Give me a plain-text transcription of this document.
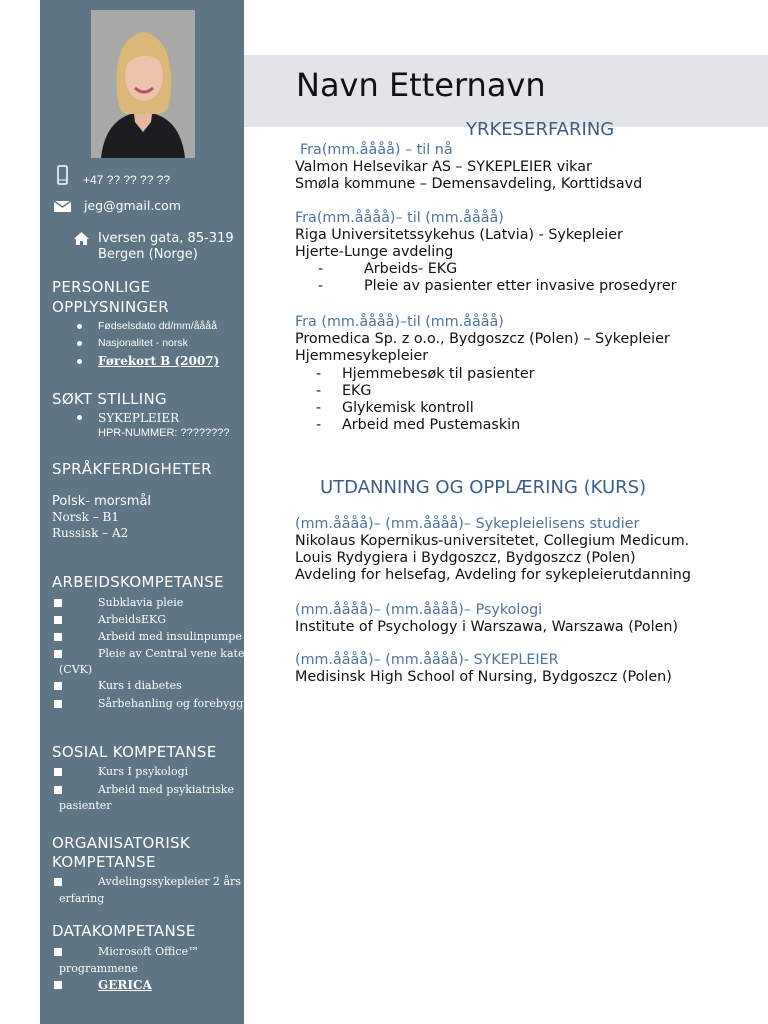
Navn Etternavn
+47 ?? ?? ?? ??
jeg@gmail.com
Iversen gata, 85-319
Bergen (Norge)
PERSONLIGE
OPPLYSNINGER
Fødselsdato dd/mm/åååå
Nasjonalitet - norsk
Førekort B (2007)
SØKT STILLING
SYKEPLEIER
HPR-NUMMER: ????????
SPRÅKFERDIGHETER
Polsk- morsmål
Norsk – B1
Russisk – A2
ARBEIDSKOMPETANSE
Subklavia pleie
ArbeidsEKG
Arbeid med insulinpumpe
Pleie av Central vene kateter
(CVK)
Kurs i diabetes
Sårbehanling og forebygging
SOSIAL KOMPETANSE
Kurs I psykologi
Arbeid med psykiatriske
pasienter
ORGANISATORISK
KOMPETANSE
Avdelingssykepleier 2 års
erfaring
DATAKOMPETANSE
Microsoft Office™
programmene
GERICA
YRKESERFARING
Fra(mm.åååå) – til nå
Valmon Helsevikar AS – SYKEPLEIER vikar
Smøla kommune – Demensavdeling, Korttidsavd
Fra(mm.åååå)– til (mm.åååå)
Riga Universitetssykehus (Latvia) - Sykepleier
Hjerte-Lunge avdeling
-	Arbeids- EKG
-	Pleie av pasienter etter invasive prosedyrer
Fra (mm.åååå)–til (mm.åååå)
Promedica Sp. z o.o., Bydgoszcz (Polen) – Sykepleier
Hjemmesykepleier
- Hjemmebesøk til pasienter
- EKG
- Glykemisk kontroll
- Arbeid med Pustemaskin
UTDANNING OG OPPLÆRING (KURS)
(mm.åååå)– (mm.åååå)– Sykepleielisens studier
Nikolaus Kopernikus-universitetet, Collegium Medicum.
Louis Rydygiera i Bydgoszcz, Bydgoszcz (Polen)
Avdeling for helsefag, Avdeling for sykepleierutdanning
(mm.åååå)– (mm.åååå)– Psykologi
Institute of Psychology i Warszawa, Warszawa (Polen)
(mm.åååå)– (mm.åååå)- SYKEPLEIER
Medisinsk High School of Nursing, Bydgoszcz (Polen)
